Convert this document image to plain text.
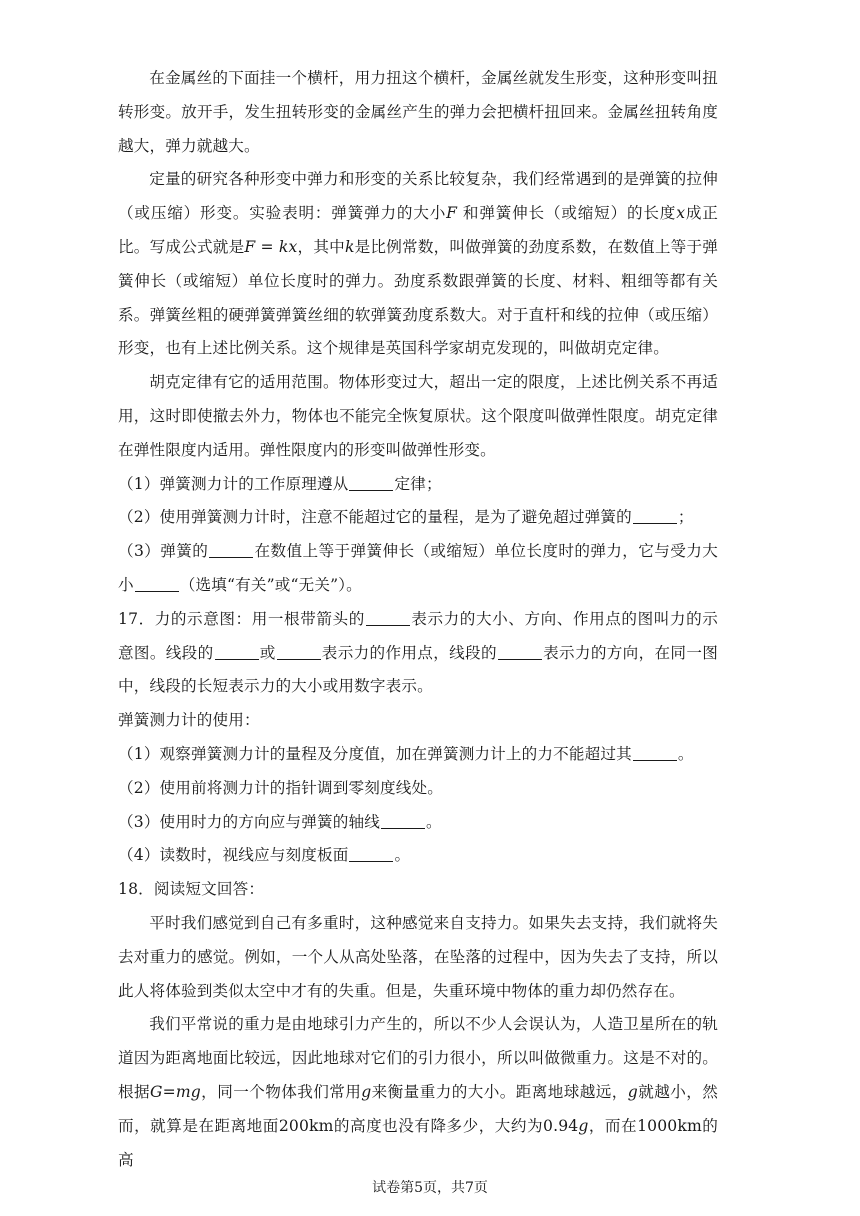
在金属丝的下面挂一个横杆，用力扭这个横杆，金属丝就发生形变，这种形变叫扭转形变。放开手，发生扭转形变的金属丝产生的弹力会把横杆扭回来。金属丝扭转角度越大，弹力就越大。

定量的研究各种形变中弹力和形变的关系比较复杂，我们经常遇到的是弹簧的拉伸（或压缩）形变。实验表明：弹簧弹力的大小F 和弹簧伸长（或缩短）的长度x成正比。写成公式就是F = kx，其中k是比例常数，叫做弹簧的劲度系数，在数值上等于弹簧伸长（或缩短）单位长度时的弹力。劲度系数跟弹簧的长度、材料、粗细等都有关系。弹簧丝粗的硬弹簧弹簧丝细的软弹簧劲度系数大。对于直杆和线的拉伸（或压缩）形变，也有上述比例关系。这个规律是英国科学家胡克发现的，叫做胡克定律。

胡克定律有它的适用范围。物体形变过大，超出一定的限度，上述比例关系不再适用，这时即使撤去外力，物体也不能完全恢复原状。这个限度叫做弹性限度。胡克定律在弹性限度内适用。弹性限度内的形变叫做弹性形变。

（1）弹簧测力计的工作原理遵从	定律；

（2）使用弹簧测力计时，注意不能超过它的量程，是为了避免超过弹簧的	；

（3）弹簧的	在数值上等于弹簧伸长（或缩短）单位长度时的弹力，它与受力大小	（选填“有关”或“无关”）。

17．力的示意图：用一根带箭头的	表示力的大小、方向、作用点的图叫力的示意图。线段的	或	表示力的作用点，线段的	表示力的方向，在同一图中，线段的长短表示力的大小或用数字表示。

弹簧测力计的使用：

（1）观察弹簧测力计的量程及分度值，加在弹簧测力计上的力不能超过其	。

（2）使用前将测力计的指针调到零刻度线处。

（3）使用时力的方向应与弹簧的轴线	。

（4）读数时，视线应与刻度板面	。

18．阅读短文回答：

平时我们感觉到自己有多重时，这种感觉来自支持力。如果失去支持，我们就将失去对重力的感觉。例如，一个人从高处坠落，在坠落的过程中，因为失去了支持，所以此人将体验到类似太空中才有的失重。但是，失重环境中物体的重力却仍然存在。

我们平常说的重力是由地球引力产生的，所以不少人会误认为，人造卫星所在的轨道因为距离地面比较远，因此地球对它们的引力很小，所以叫做微重力。这是不对的。根据G=mg，同一个物体我们常用g来衡量重力的大小。距离地球越远，g就越小，然而，就算是在距离地面200km的高度也没有降多少，大约为0.94g，而在1000km的高

试卷第5页，共7页
